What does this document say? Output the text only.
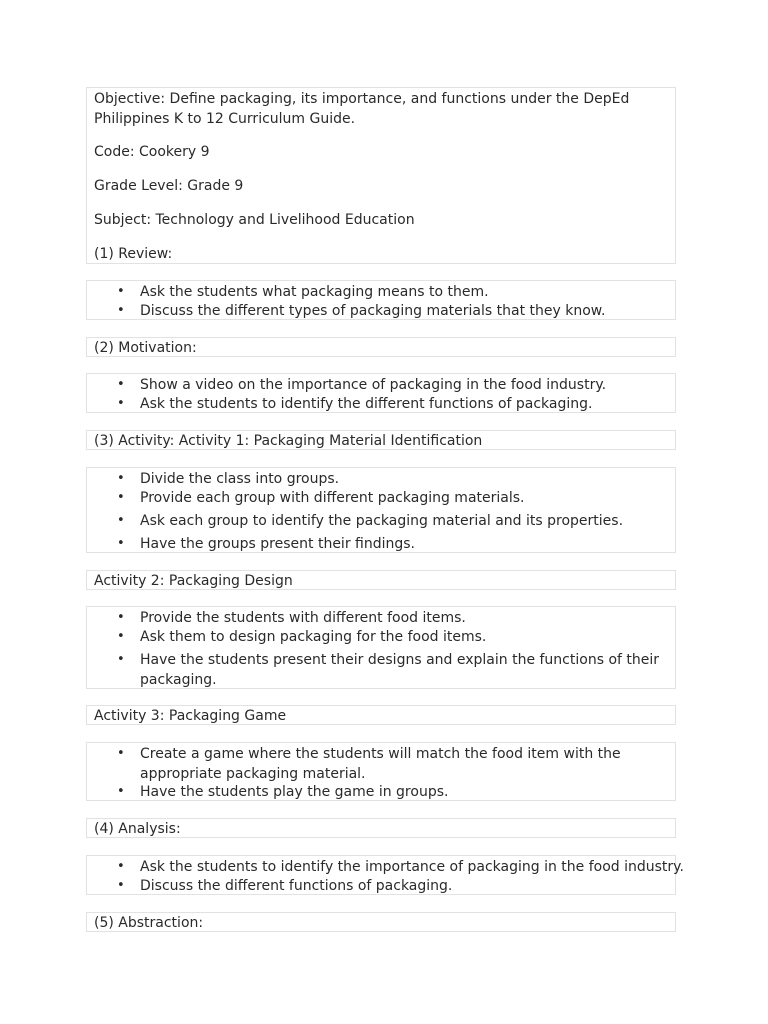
Objective: Define packaging, its importance, and functions under the DepEd Philippines K to 12 Curriculum Guide.
Code: Cookery 9
Grade Level: Grade 9
Subject: Technology and Livelihood Education
(1) Review:
• Ask the students what packaging means to them.
• Discuss the different types of packaging materials that they know.
(2) Motivation:
• Show a video on the importance of packaging in the food industry.
• Ask the students to identify the different functions of packaging.
(3) Activity: Activity 1: Packaging Material Identification
• Divide the class into groups.
• Provide each group with different packaging materials.
• Ask each group to identify the packaging material and its properties.
• Have the groups present their findings.
Activity 2: Packaging Design
• Provide the students with different food items.
• Ask them to design packaging for the food items.
• Have the students present their designs and explain the functions of their packaging.
Activity 3: Packaging Game
• Create a game where the students will match the food item with the appropriate packaging material.
• Have the students play the game in groups.
(4) Analysis:
• Ask the students to identify the importance of packaging in the food industry.
• Discuss the different functions of packaging.
(5) Abstraction:
